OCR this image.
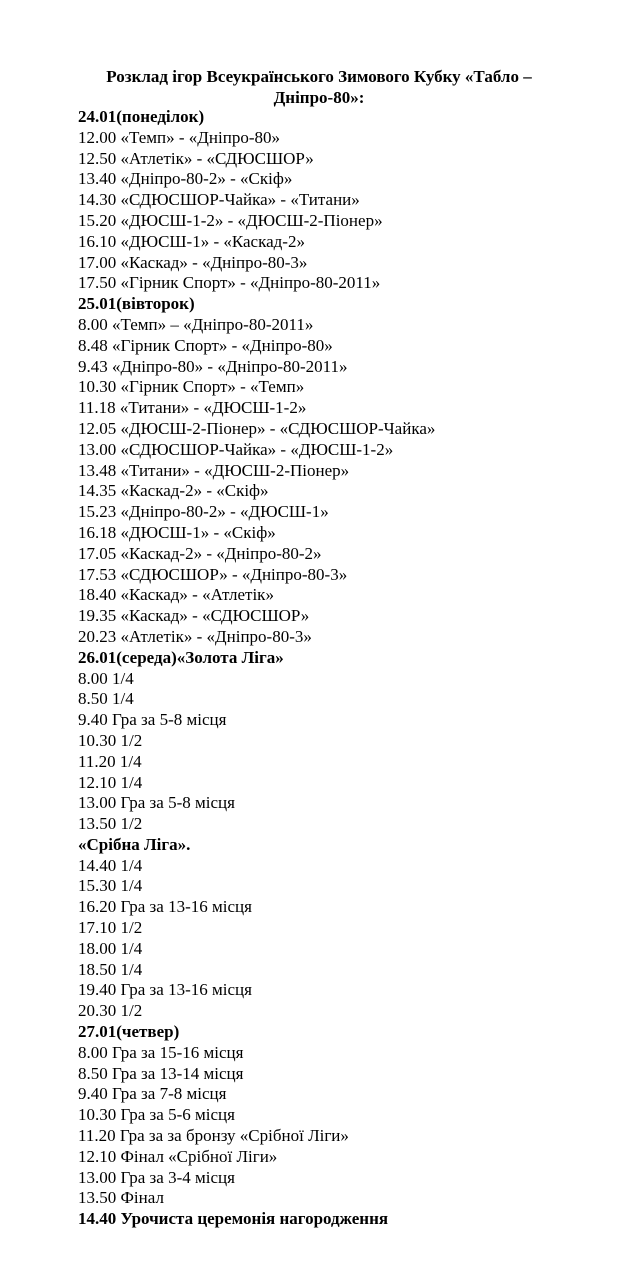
Розклад ігор Всеукраїнського Зимового Кубку «Табло –
Дніпро-80»:
24.01(понеділок)
12.00 «Темп» - «Дніпро-80»
12.50 «Атлетік» - «СДЮСШОР»
13.40 «Дніпро-80-2» - «Скіф»
14.30 «СДЮСШОР-Чайка» - «Титани»
15.20 «ДЮСШ-1-2» - «ДЮСШ-2-Піонер»
16.10 «ДЮСШ-1» - «Каскад-2»
17.00 «Каскад» - «Дніпро-80-3»
17.50 «Гірник Спорт» - «Дніпро-80-2011»
25.01(вівторок)
8.00 «Темп» – «Дніпро-80-2011»
8.48 «Гірник Спорт» - «Дніпро-80»
9.43 «Дніпро-80» - «Дніпро-80-2011»
10.30 «Гірник Спорт» - «Темп»
11.18 «Титани» - «ДЮСШ-1-2»
12.05 «ДЮСШ-2-Піонер» - «СДЮСШОР-Чайка»
13.00 «СДЮСШОР-Чайка» - «ДЮСШ-1-2»
13.48 «Титани» - «ДЮСШ-2-Піонер»
14.35 «Каскад-2» - «Скіф»
15.23 «Дніпро-80-2» - «ДЮСШ-1»
16.18 «ДЮСШ-1» - «Скіф»
17.05 «Каскад-2» - «Дніпро-80-2»
17.53 «СДЮСШОР» - «Дніпро-80-3»
18.40 «Каскад» - «Атлетік»
19.35 «Каскад» - «СДЮСШОР»
20.23 «Атлетік» - «Дніпро-80-3»
26.01(середа)«Золота Ліга»
8.00 1/4
8.50 1/4
9.40 Гра за 5-8 місця
10.30 1/2
11.20 1/4
12.10 1/4
13.00 Гра за 5-8 місця
13.50 1/2
«Срібна Ліга».
14.40 1/4
15.30 1/4
16.20 Гра за 13-16 місця
17.10 1/2
18.00 1/4
18.50 1/4
19.40 Гра за 13-16 місця
20.30 1/2
27.01(четвер)
8.00 Гра за 15-16 місця
8.50 Гра за 13-14 місця
9.40 Гра за 7-8 місця
10.30 Гра за 5-6 місця
11.20 Гра за за бронзу «Срібної Ліги»
12.10 Фінал «Срібної Ліги»
13.00 Гра за 3-4 місця
13.50 Фінал
14.40 Урочиста церемонія нагородження
